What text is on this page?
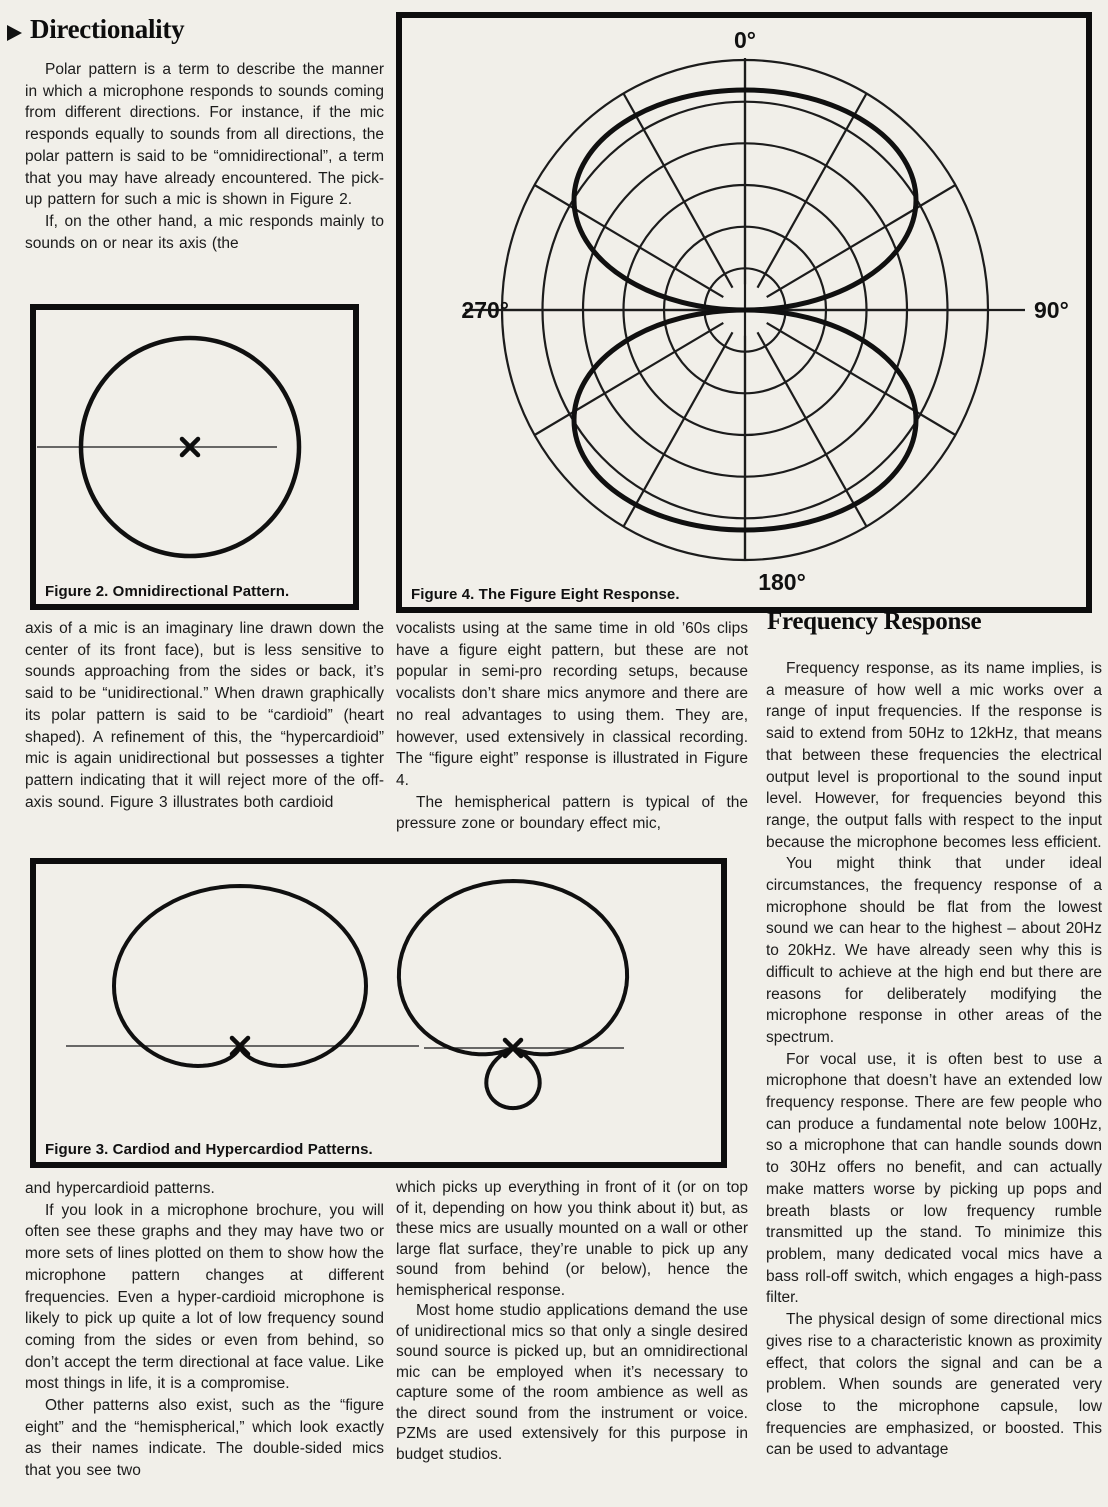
Directionality

Polar pattern is a term to describe the manner in which a microphone responds to sounds coming from different directions. For instance, if the mic responds equally to sounds from all directions, the polar pattern is said to be “omnidirectional”, a term that you may have already encountered. The pick-up pattern for such a mic is shown in Figure 2.

If, on the other hand, a mic responds mainly to sounds on or near its axis (the

Figure 2. Omnidirectional Pattern.

axis of a mic is an imaginary line drawn down the center of its front face), but is less sensitive to sounds approaching from the sides or back, it’s said to be “unidirectional.” When drawn graphically its polar pattern is said to be “cardioid” (heart shaped). A refinement of this, the “hypercardioid” mic is again unidirectional but possesses a tighter pattern indicating that it will reject more of the off-axis sound. Figure 3 illustrates both cardioid

0°
90°
180°
270°
Figure 4. The Figure Eight Response.

vocalists using at the same time in old ’60s clips have a figure eight pattern, but these are not popular in semi-pro recording setups, because vocalists don’t share mics anymore and there are no real advantages to using them. They are, however, used extensively in classical recording. The “figure eight” response is illustrated in Figure 4.

The hemispherical pattern is typical of the pressure zone or boundary effect mic,

Frequency Response

Frequency response, as its name implies, is a measure of how well a mic works over a range of input frequencies. If the response is said to extend from 50Hz to 12kHz, that means that between these frequencies the electrical output level is proportional to the sound input level. However, for frequencies beyond this range, the output falls with respect to the input because the microphone becomes less efficient.

You might think that under ideal circumstances, the frequency response of a microphone should be flat from the lowest sound we can hear to the highest – about 20Hz to 20kHz. We have already seen why this is difficult to achieve at the high end but there are reasons for deliberately modifying the microphone response in other areas of the spectrum.

For vocal use, it is often best to use a microphone that doesn’t have an extended low frequency response. There are few people who can produce a fundamental note below 100Hz, so a microphone that can handle sounds down to 30Hz offers no benefit, and can actually make matters worse by picking up pops and breath blasts or low frequency rumble transmitted up the stand. To minimize this problem, many dedicated vocal mics have a bass roll-off switch, which engages a high-pass filter.

The physical design of some directional mics gives rise to a characteristic known as proximity effect, that colors the signal and can be a problem. When sounds are generated very close to the microphone capsule, low frequencies are emphasized, or boosted. This can be used to advantage

Figure 3. Cardiod and Hypercardiod Patterns.

and hypercardioid patterns.

If you look in a microphone brochure, you will often see these graphs and they may have two or more sets of lines plotted on them to show how the microphone pattern changes at different frequencies. Even a hyper-cardioid microphone is likely to pick up quite a lot of low frequency sound coming from the sides or even from behind, so don’t accept the term directional at face value. Like most things in life, it is a compromise.

Other patterns also exist, such as the “figure eight” and the “hemispherical,” which look exactly as their names indicate. The double-sided mics that you see two

which picks up everything in front of it (or on top of it, depending on how you think about it) but, as these mics are usually mounted on a wall or other large flat surface, they’re unable to pick up any sound from behind (or below), hence the hemispherical response.

Most home studio applications demand the use of unidirectional mics so that only a single desired sound source is picked up, but an omnidirectional mic can be employed when it’s necessary to capture some of the room ambience as well as the direct sound from the instrument or voice. PZMs are used extensively for this purpose in budget studios.
